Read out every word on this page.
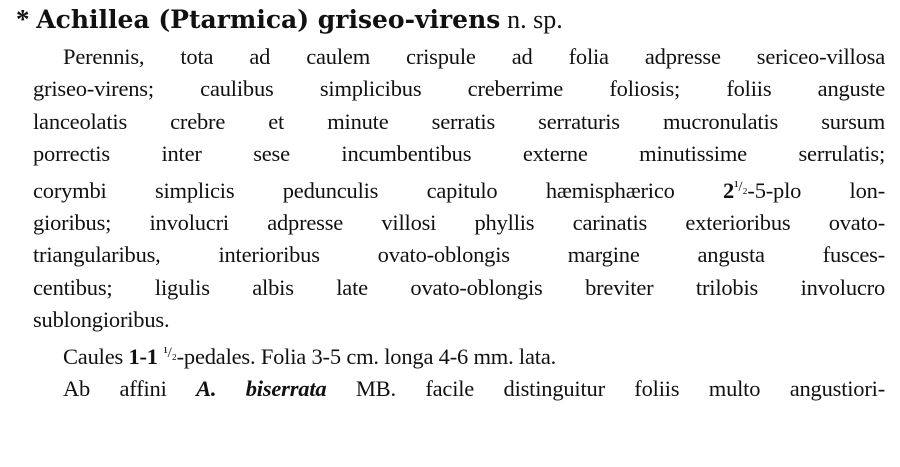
* Achillea (Ptarmica) griseo-virens n. sp.
Perennis, tota ad caulem crispule ad folia adpresse sericeo-villosa
griseo-virens; caulibus simplicibus creberrime foliosis; foliis anguste
lanceolatis crebre et minute serratis serraturis mucronulatis sursum
porrectis inter sese incumbentibus externe minutissime serrulatis;
corymbi simplicis pedunculis capitulo hæmisphærico $2^{^1/_2}-5$-plo lon-
gioribus; involucri adpresse villosi phyllis carinatis exterioribus ovato-
triangularibus, interioribus ovato-oblongis margine angusta fusces-
centibus; ligulis albis late ovato-oblongis breviter trilobis involucro
sublongioribus.
Caules 1-1 $^{^1/_2}$-pedales. Folia 3-5 cm. longa 4-6 mm. lata.
Ab affini A. biserrata MB. facile distinguitur foliis multo angustiori-
